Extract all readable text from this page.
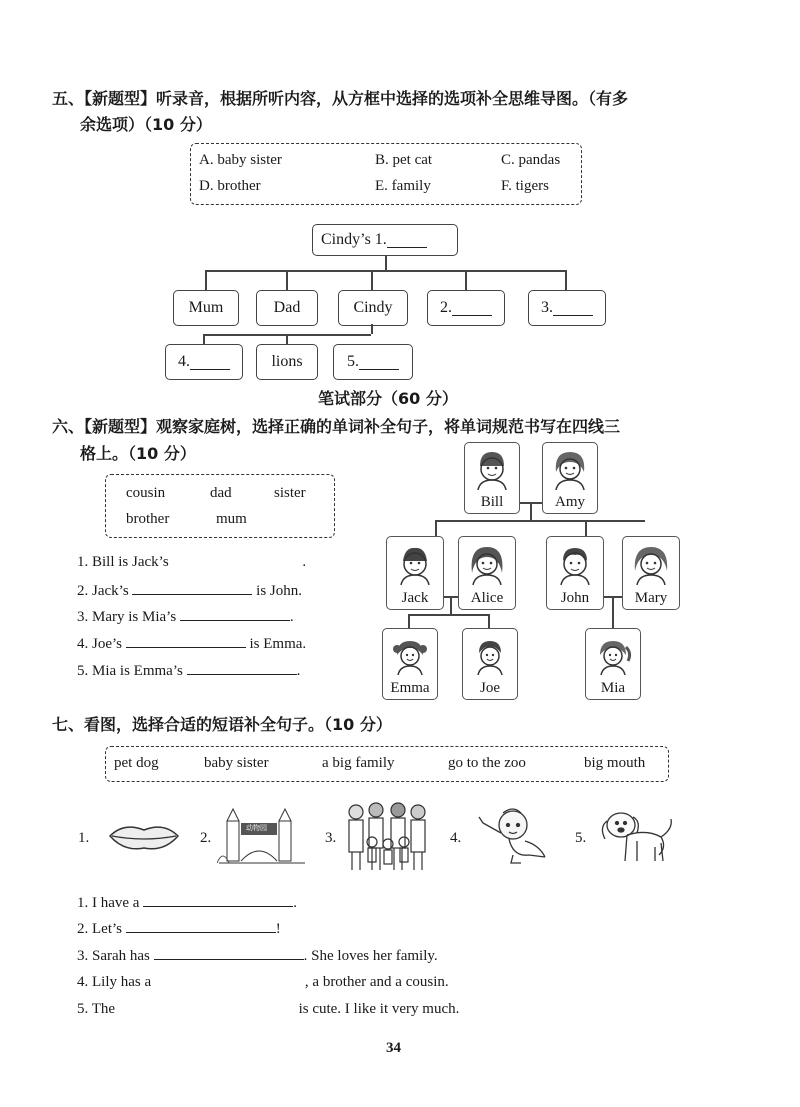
五、【新题型】听录音，根据所听内容，从方框中选择的选项补全思维导图。（有多
余选项）（10 分）
A. baby sister	B. pet cat	C. pandas
D. brother	E. family	F. tigers
Cindy’s 1.
Mum	Dad	Cindy	2.	3.
4.	lions	5.
笔试部分（60 分）
六、【新题型】观察家庭树，选择正确的单词补全句子，将单词规范书写在四线三
格上。（10 分）
cousin	dad	sister
brother	mum
1. Bill is Jack’s	.
2. Jack’s	is John.
3. Mary is Mia’s	.
4. Joe’s	is Emma.
5. Mia is Emma’s	.
Bill	Amy
Jack	Alice	John	Mary
Emma	Joe	Mia
七、看图，选择合适的短语补全句子。（10 分）
pet dog	baby sister	a big family	go to the zoo	big mouth
1.	2.
动物园
3.	4.	5.
1. I have a	.
2. Let’s	!
3. Sarah has	. She loves her family.
4. Lily has a	, a brother and a cousin.
5. The	is cute. I like it very much.
34
